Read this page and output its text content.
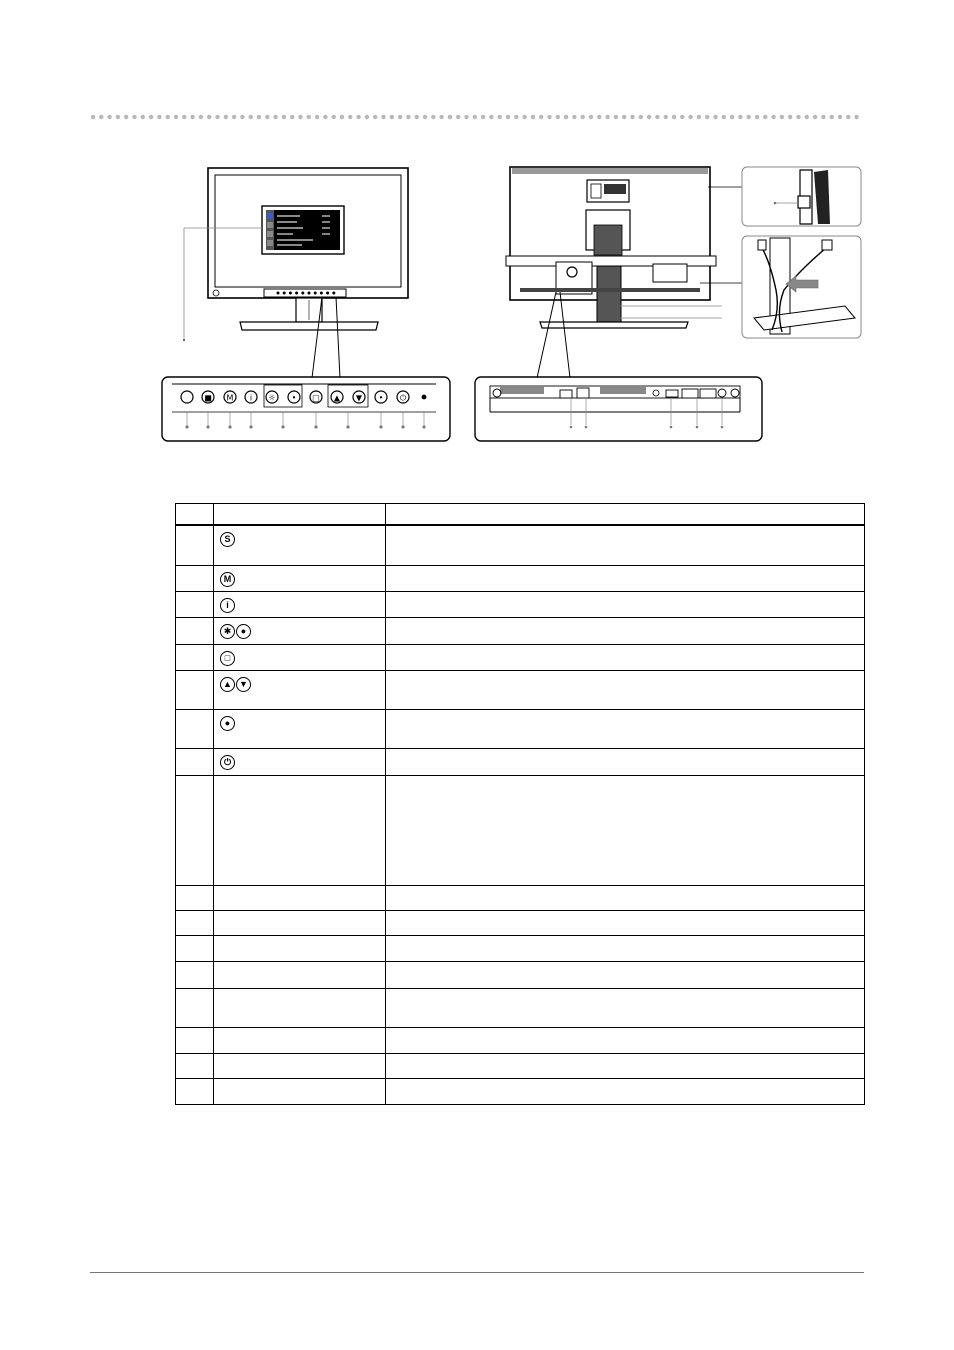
■ M i ☼ • □ ▲ ▼ • ⏻

	S	
	M	
	i	
	✱ ●	
	□	
	▲ ▼	
	●	
	⏻	
